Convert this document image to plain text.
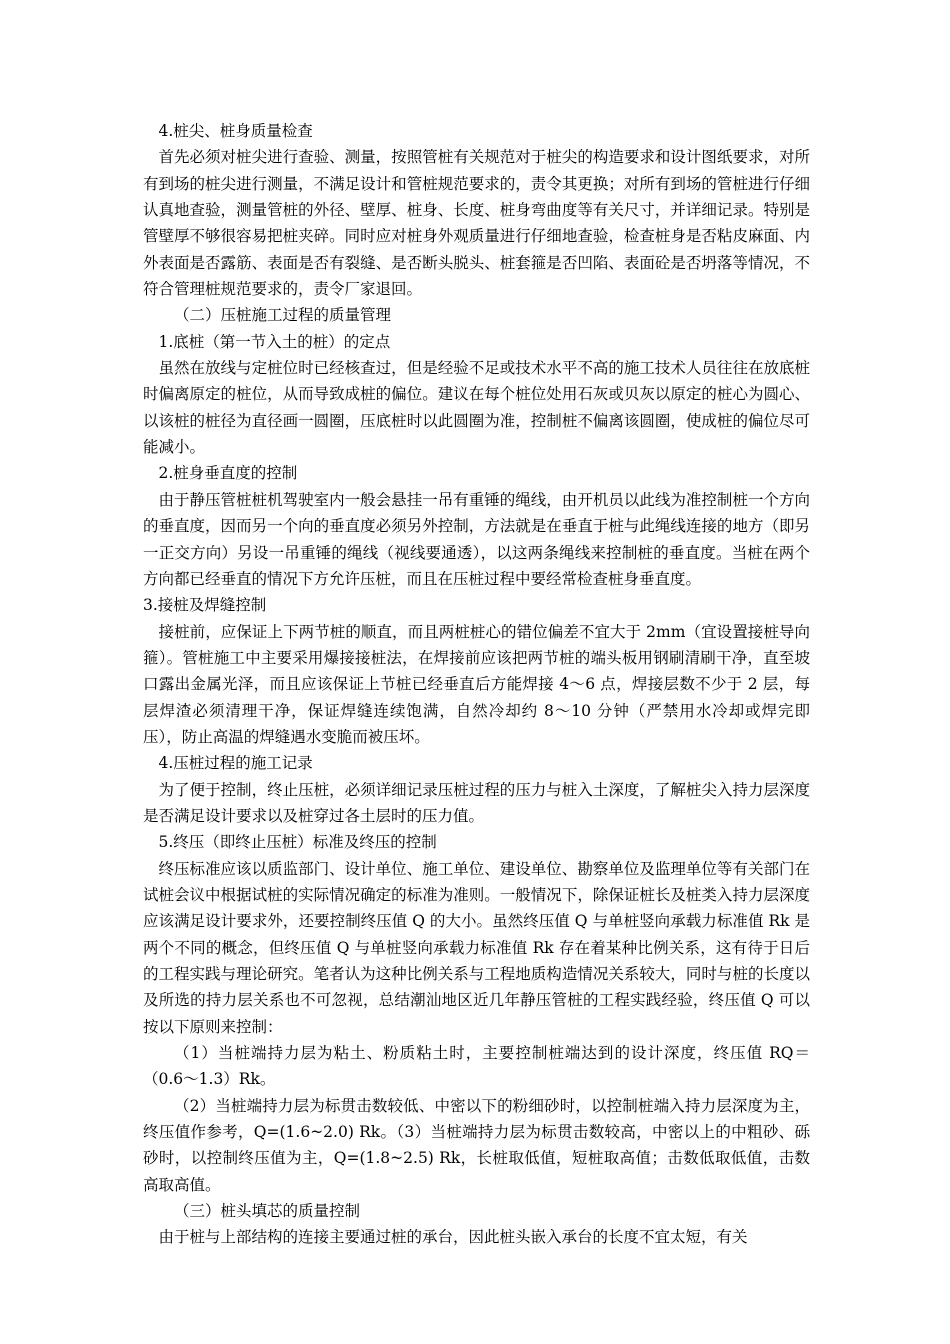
4.桩尖、桩身质量检查

首先必须对桩尖进行查验、测量，按照管桩有关规范对于桩尖的构造要求和设计图纸要求，对所有到场的桩尖进行测量，不满足设计和管桩规范要求的，责令其更换；对所有到场的管桩进行仔细认真地查验，测量管桩的外径、壁厚、桩身、长度、桩身弯曲度等有关尺寸，并详细记录。特别是管壁厚不够很容易把桩夹碎。同时应对桩身外观质量进行仔细地查验，检查桩身是否粘皮麻面、内外表面是否露筋、表面是否有裂缝、是否断头脱头、桩套箍是否凹陷、表面砼是否坍落等情况，不符合管理桩规范要求的，责令厂家退回。

（二）压桩施工过程的质量管理

1.底桩（第一节入土的桩）的定点

虽然在放线与定桩位时已经核查过，但是经验不足或技术水平不高的施工技术人员往往在放底桩时偏离原定的桩位，从而导致成桩的偏位。建议在每个桩位处用石灰或贝灰以原定的桩心为圆心、以该桩的桩径为直径画一圆圈，压底桩时以此圆圈为准，控制桩不偏离该圆圈，使成桩的偏位尽可能减小。

2.桩身垂直度的控制

由于静压管桩桩机驾驶室内一般会悬挂一吊有重锤的绳线，由开机员以此线为准控制桩一个方向的垂直度，因而另一个向的垂直度必须另外控制，方法就是在垂直于桩与此绳线连接的地方（即另一正交方向）另设一吊重锤的绳线（视线要通透），以这两条绳线来控制桩的垂直度。当桩在两个方向都已经垂直的情况下方允许压桩，而且在压桩过程中要经常检查桩身垂直度。

3.接桩及焊缝控制

接桩前，应保证上下两节桩的顺直，而且两桩桩心的错位偏差不宜大于 2mm（宜设置接桩导向箍）。管桩施工中主要采用爆接接桩法，在焊接前应该把两节桩的端头板用钢刷清刷干净，直至坡口露出金属光泽，而且应该保证上节桩已经垂直后方能焊接 4～6 点，焊接层数不少于 2 层，每层焊渣必须清理干净，保证焊缝连续饱满，自然冷却约 8～10 分钟（严禁用水冷却或焊完即压），防止高温的焊缝遇水变脆而被压坏。

4.压桩过程的施工记录

为了便于控制，终止压桩，必须详细记录压桩过程的压力与桩入土深度，了解桩尖入持力层深度是否满足设计要求以及桩穿过各土层时的压力值。

5.终压（即终止压桩）标准及终压的控制

终压标准应该以质监部门、设计单位、施工单位、建设单位、勘察单位及监理单位等有关部门在试桩会议中根据试桩的实际情况确定的标准为准则。一般情况下，除保证桩长及桩类入持力层深度应该满足设计要求外，还要控制终压值 Q 的大小。虽然终压值 Q 与单桩竖向承载力标准值 Rk 是两个不同的概念，但终压值 Q 与单桩竖向承载力标准值 Rk 存在着某种比例关系，这有待于日后的工程实践与理论研究。笔者认为这种比例关系与工程地质构造情况关系较大，同时与桩的长度以及所选的持力层关系也不可忽视，总结潮汕地区近几年静压管桩的工程实践经验，终压值 Q 可以按以下原则来控制：

（1）当桩端持力层为粘土、粉质粘土时，主要控制桩端达到的设计深度，终压值 RQ＝（0.6～1.3）Rk。

（2）当桩端持力层为标贯击数较低、中密以下的粉细砂时，以控制桩端入持力层深度为主，终压值作参考，Q=(1.6~2.0) Rk。（3）当桩端持力层为标贯击数较高，中密以上的中粗砂、砾砂时，以控制终压值为主，Q=(1.8~2.5) Rk，长桩取低值，短桩取高值；击数低取低值，击数高取高值。

（三）桩头填芯的质量控制

由于桩与上部结构的连接主要通过桩的承台，因此桩头嵌入承台的长度不宜太短，有关
